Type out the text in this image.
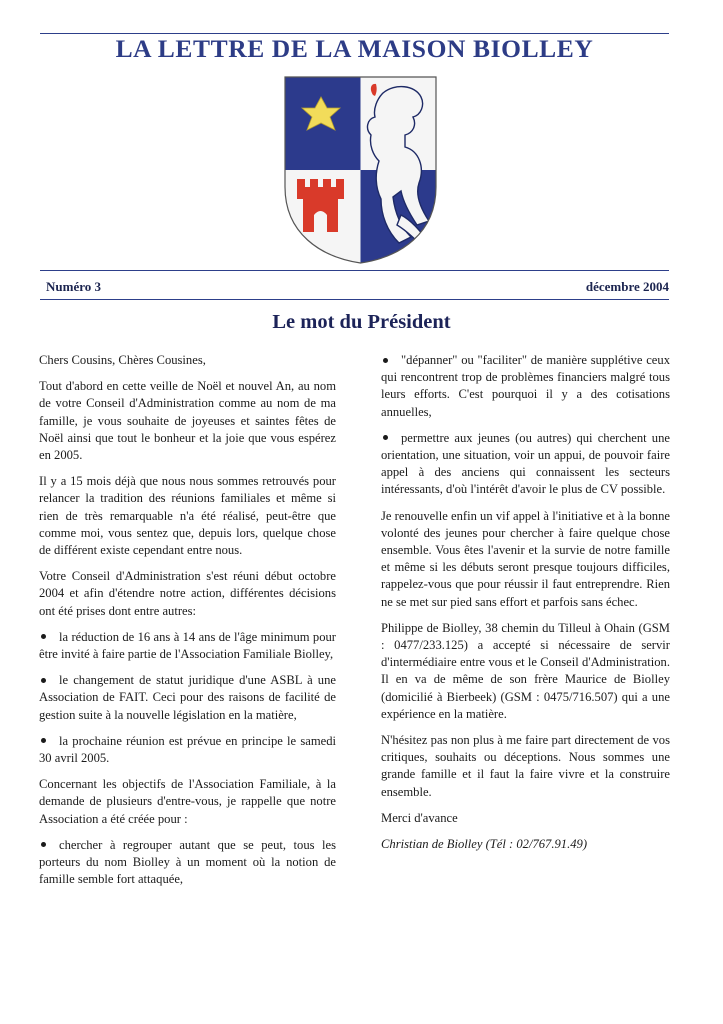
LA LETTRE DE LA MAISON BIOLLEY
Numéro 3	décembre 2004
Le mot du Président

Chers Cousins, Chères Cousines,

Tout d'abord en cette veille de Noël et nouvel An, au nom de votre Conseil d'Administration comme au nom de ma famille, je vous souhaite de joyeuses et saintes fêtes de Noël ainsi que tout le bonheur et la joie que vous espérez en 2005.

Il y a 15 mois déjà que nous nous sommes retrouvés pour relancer la tradition des réunions familiales et même si rien de très remarquable n'a été réalisé, peut-être que comme moi, vous sentez que, depuis lors, quelque chose de différent existe cependant entre nous.

Votre Conseil d'Administration s'est réuni début octobre 2004 et afin d'étendre notre action, différentes décisions ont été prises dont entre autres:

la réduction de 16 ans à 14 ans de l'âge minimum pour être invité à faire partie de l'Association Familiale Biolley,

le changement de statut juridique d'une ASBL à une Association de FAIT. Ceci pour des raisons de facilité de gestion suite à la nouvelle législation en la matière,

la prochaine réunion est prévue en principe le samedi 30 avril 2005.

Concernant les objectifs de l'Association Familiale, à la demande de plusieurs d'entre-vous, je rappelle que notre Association a été créée pour :

chercher à regrouper autant que se peut, tous les porteurs du nom Biolley à un moment où la notion de famille semble fort attaquée,

"dépanner" ou "faciliter" de manière supplétive ceux qui rencontrent trop de problèmes financiers malgré tous leurs efforts. C'est pourquoi il y a des cotisations annuelles,

permettre aux jeunes (ou autres) qui cherchent une orientation, une situation, voir un appui, de pouvoir faire appel à des anciens qui connaissent les secteurs intéressants, d'où l'intérêt d'avoir le plus de CV possible.

Je renouvelle enfin un vif appel à l'initiative et à la bonne volonté des jeunes pour chercher à faire quelque chose ensemble. Vous êtes l'avenir et la survie de notre famille et même si les débuts seront presque toujours difficiles, rappelez-vous que pour réussir il faut entreprendre. Rien ne se met sur pied sans effort et parfois sans échec.

Philippe de Biolley, 38 chemin du Tilleul à Ohain (GSM : 0477/233.125) a accepté si nécessaire de servir d'intermédiaire entre vous et le Conseil d'Administration. Il en va de même de son frère Maurice de Biolley (domicilié à Bierbeek) (GSM : 0475/716.507) qui a une expérience en la matière.

N'hésitez pas non plus à me faire part directement de vos critiques, souhaits ou déceptions. Nous sommes une grande famille et il faut la faire vivre et la construire ensemble.

Merci d'avance

Christian de Biolley (Tél : 02/767.91.49)
